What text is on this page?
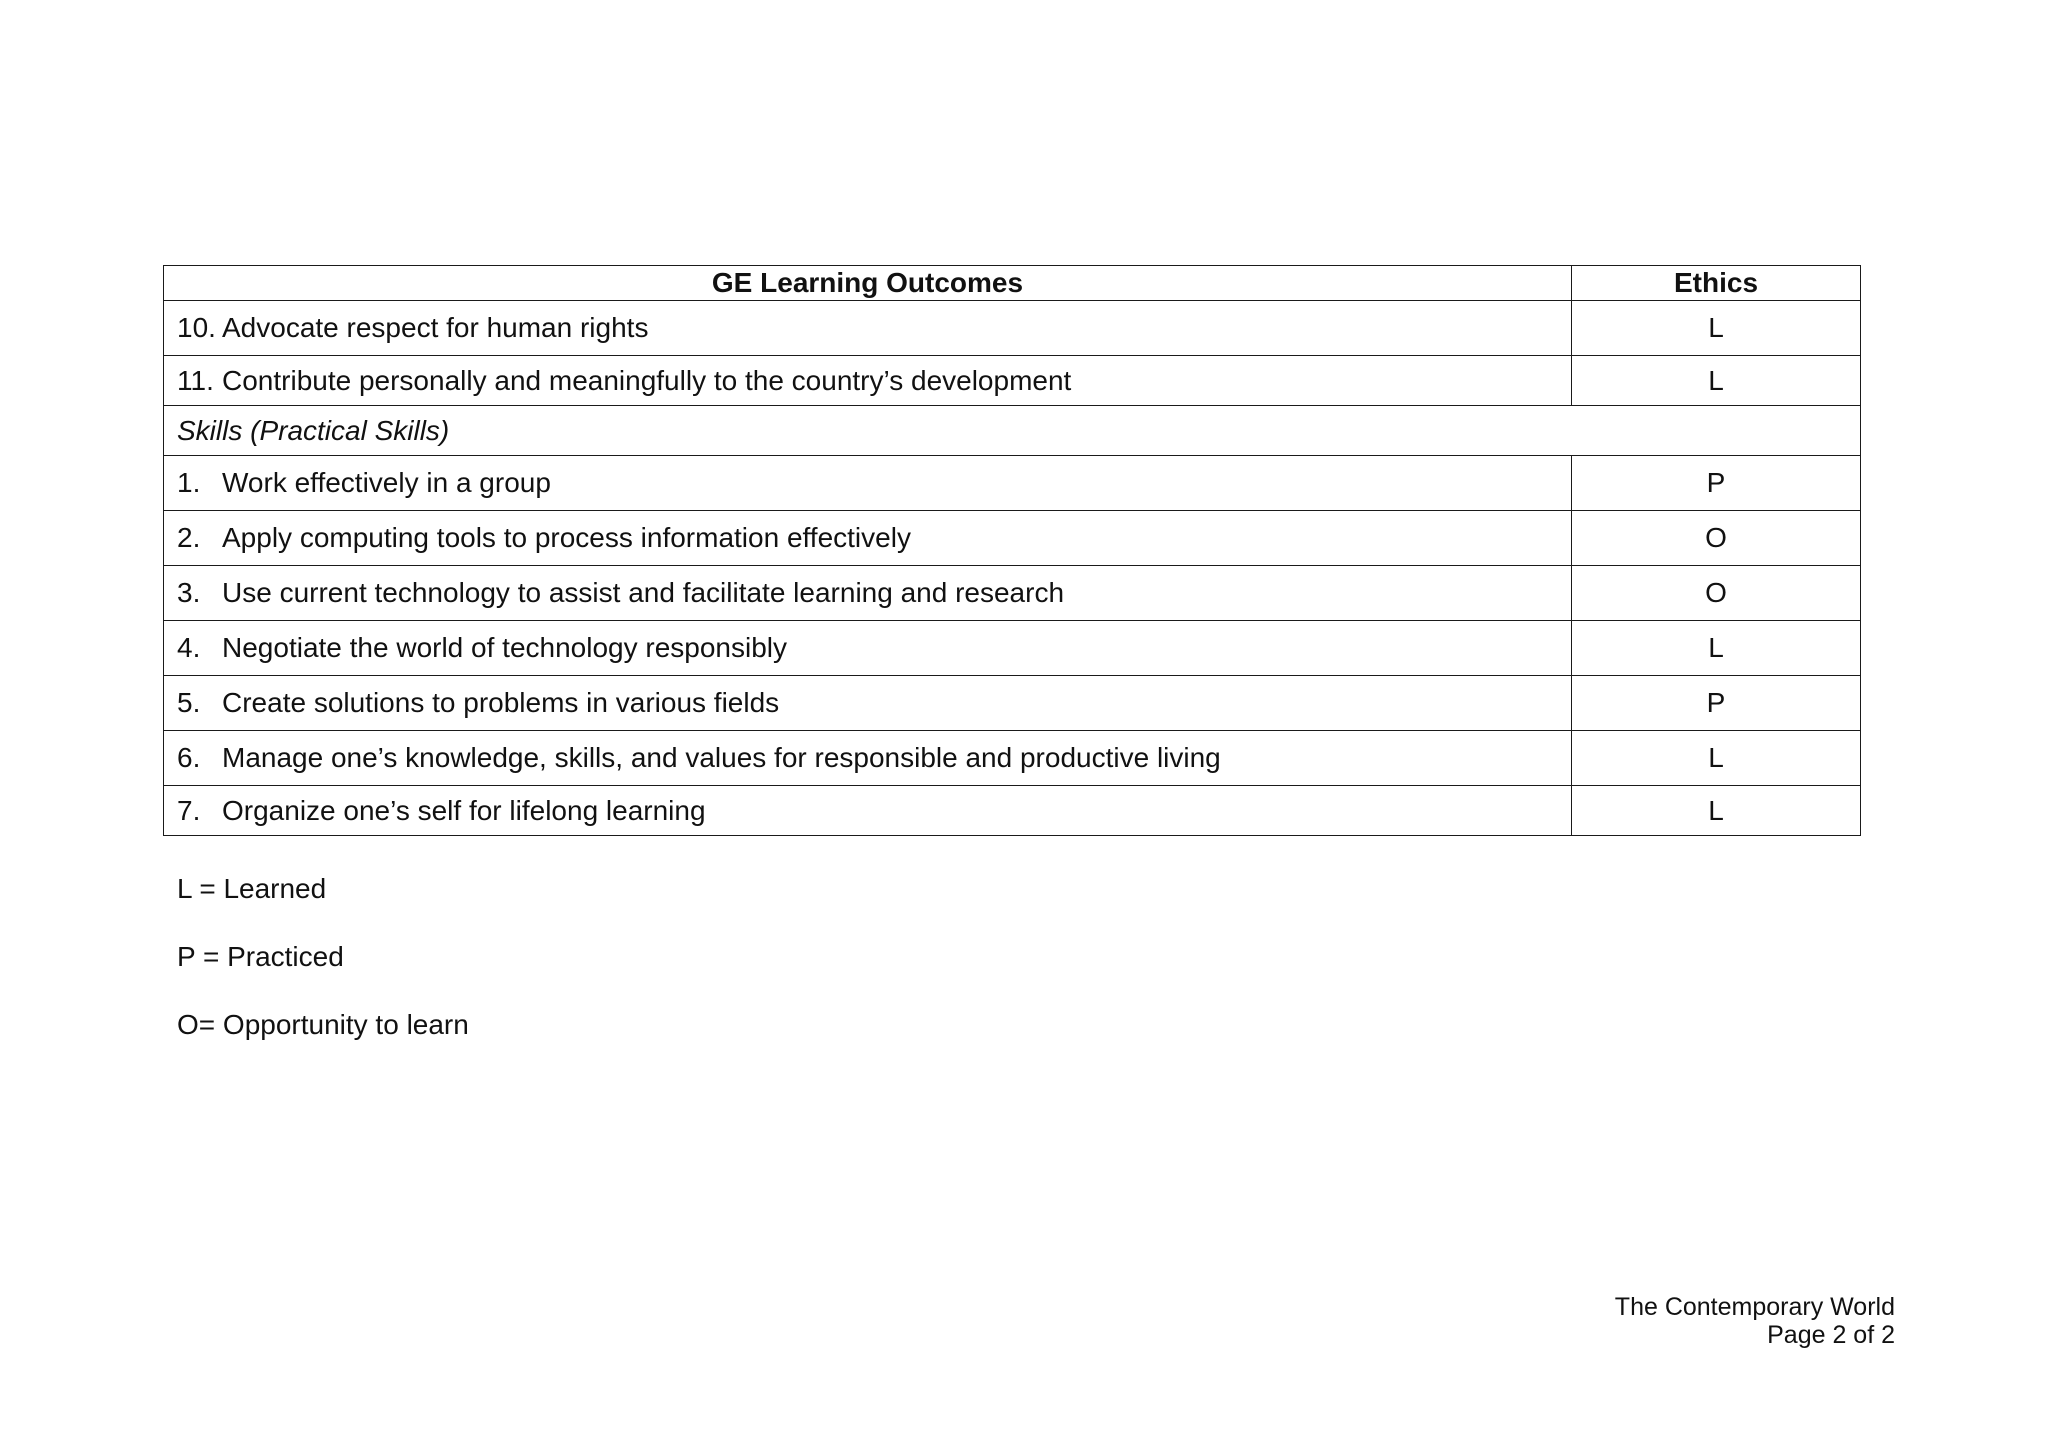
GE Learning Outcomes	Ethics
10. Advocate respect for human rights	L
11. Contribute personally and meaningfully to the country’s development	L
Skills (Practical Skills)	
1. Work effectively in a group	P
2. Apply computing tools to process information effectively	O
3. Use current technology to assist and facilitate learning and research	O
4. Negotiate the world of technology responsibly	L
5. Create solutions to problems in various fields	P
6. Manage one’s knowledge, skills, and values for responsible and productive living	L
7. Organize one’s self for lifelong learning	L
L = Learned
P = Practiced
O= Opportunity to learn
The Contemporary World
Page 2 of 2
